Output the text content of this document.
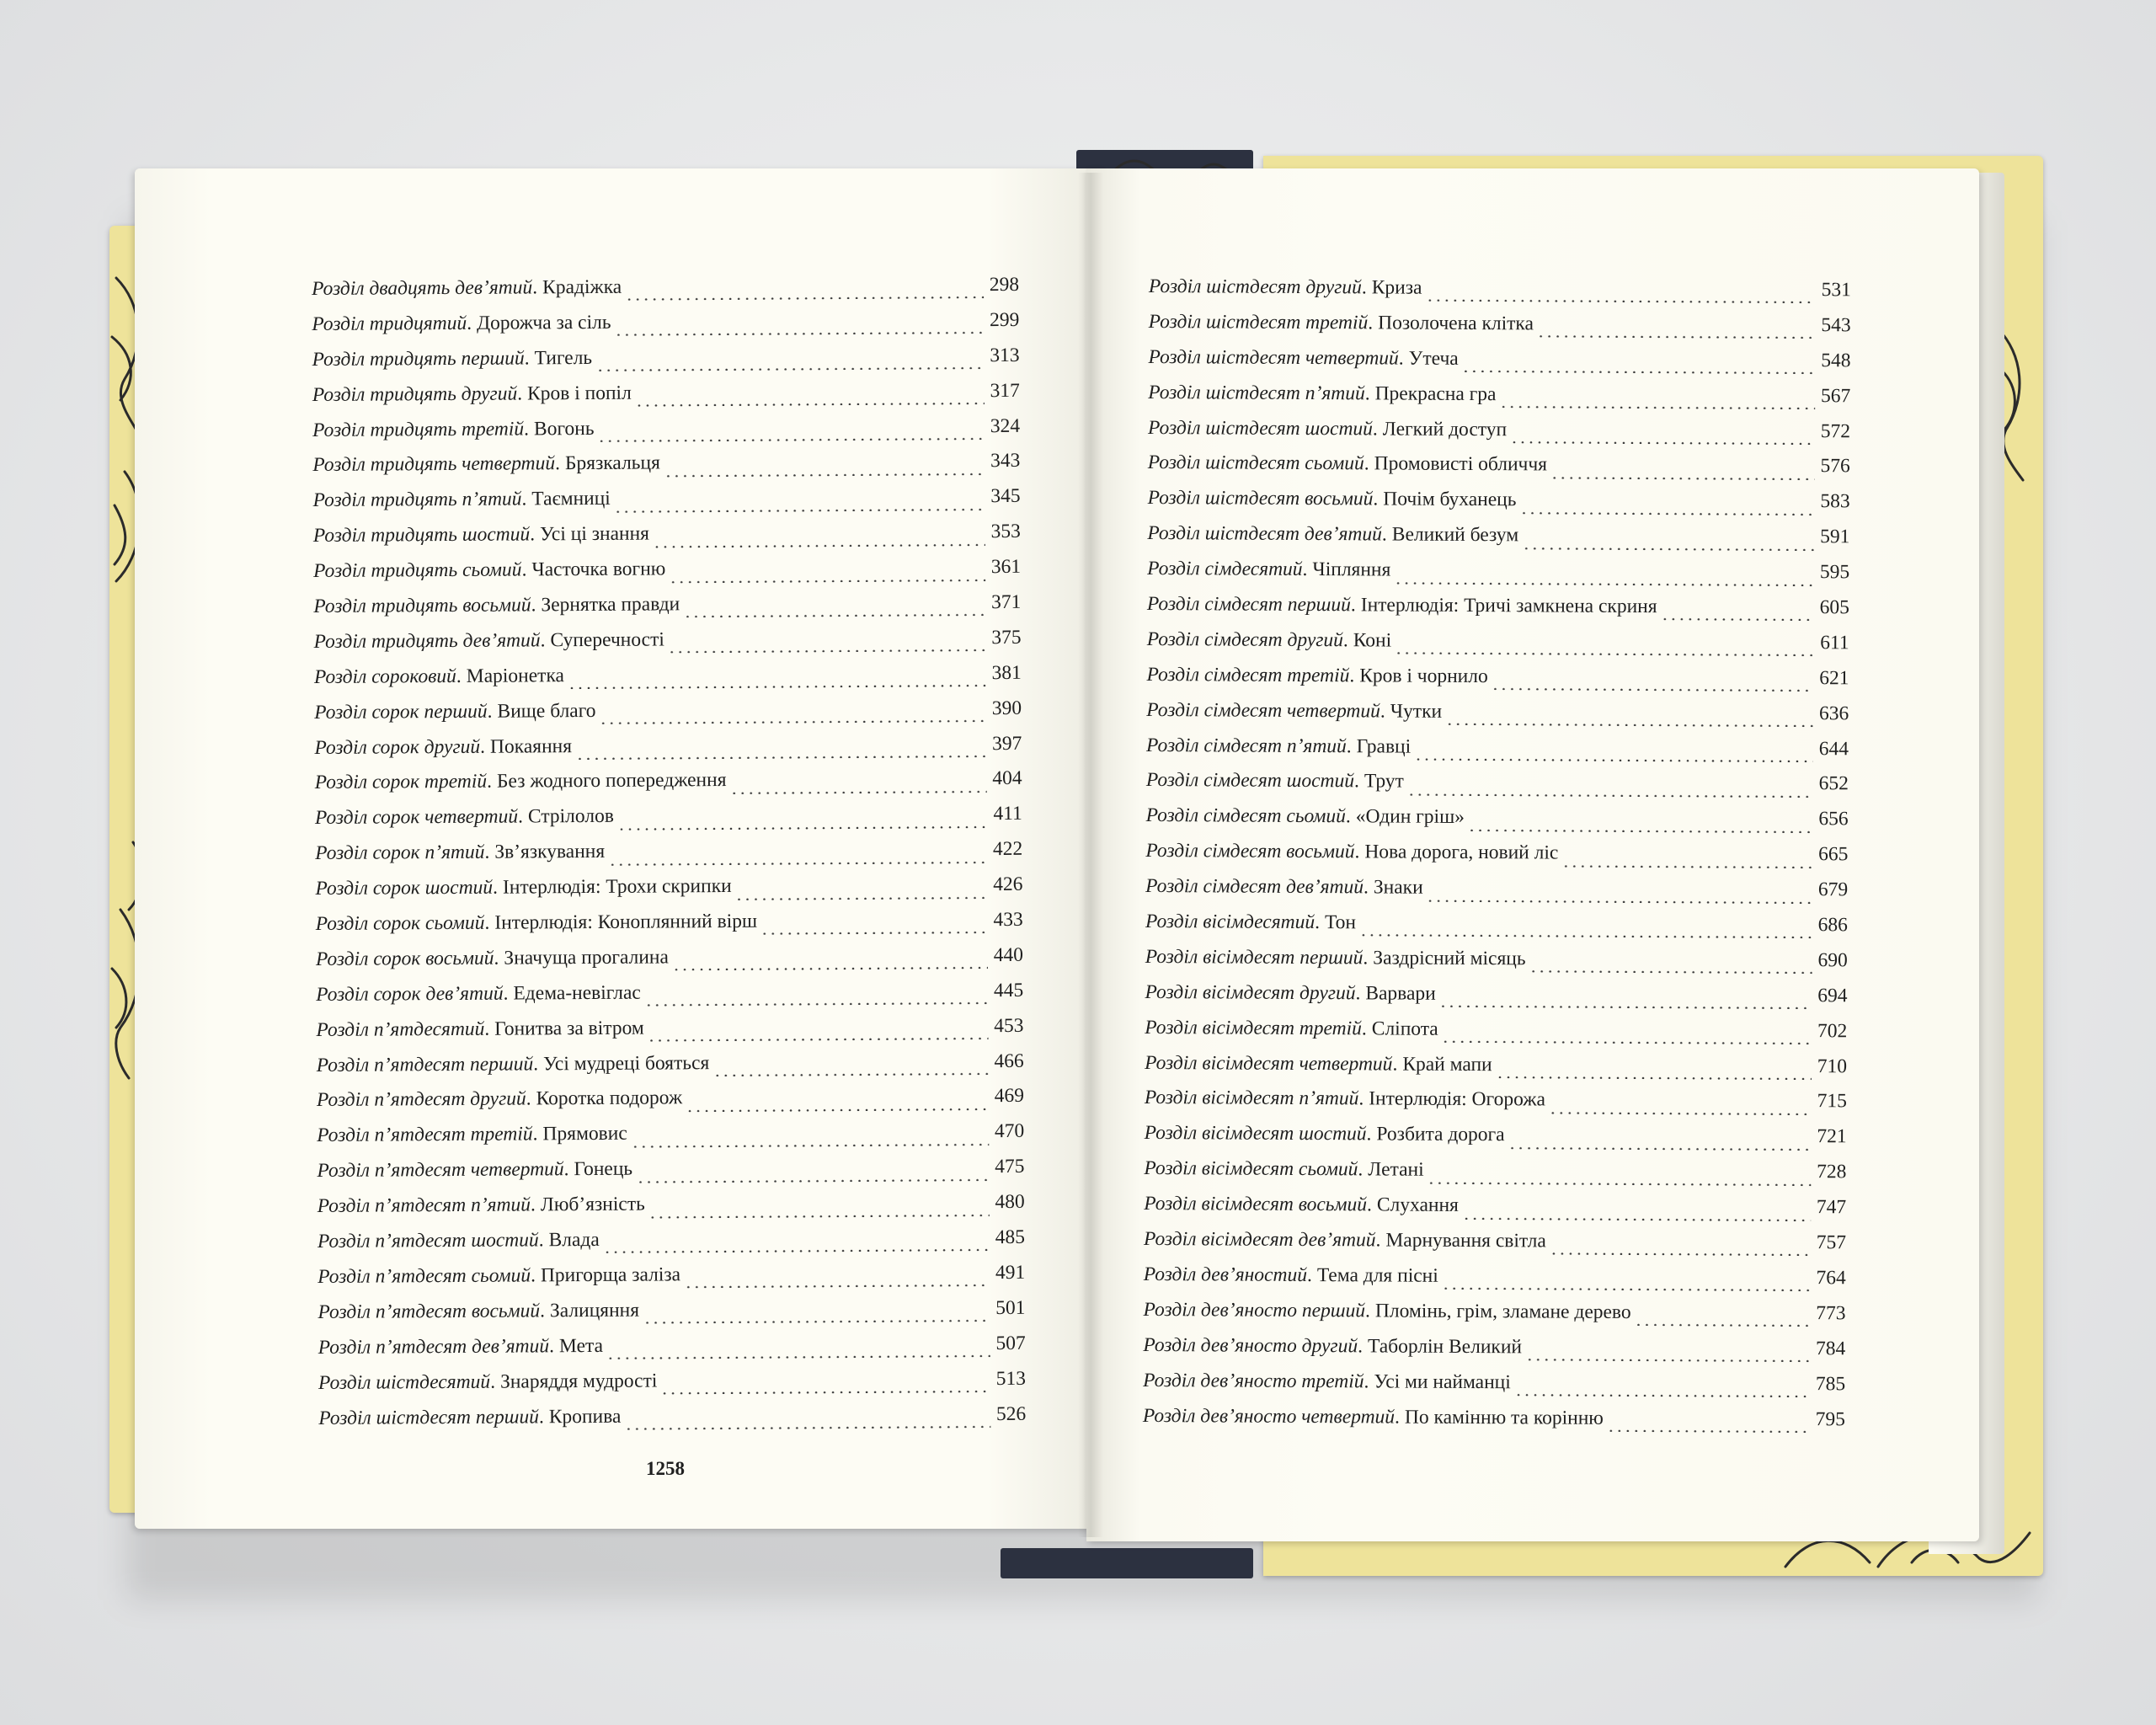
Розділ двадцять дев’ятий . Крадіжка	298
Розділ тридцятий . Дорожча за сіль	299
Розділ тридцять перший . Тигель	313
Розділ тридцять другий . Кров і попіл	317
Розділ тридцять третій . Вогонь	324
Розділ тридцять четвертий . Брязкальця	343
Розділ тридцять п’ятий . Таємниці	345
Розділ тридцять шостий . Усі ці знання	353
Розділ тридцять сьомий . Часточка вогню	361
Розділ тридцять восьмий . Зернятка правди	371
Розділ тридцять дев’ятий . Суперечності	375
Розділ сороковий . Маріонетка	381
Розділ сорок перший . Вище благо	390
Розділ сорок другий . Покаяння	397
Розділ сорок третій . Без жодного попередження	404
Розділ сорок четвертий . Стрілолов	411
Розділ сорок п’ятий . Зв’язкування	422
Розділ сорок шостий . Інтерлюдія: Трохи скрипки	426
Розділ сорок сьомий . Інтерлюдія: Коноплянний вірш	433
Розділ сорок восьмий . Значуща прогалина	440
Розділ сорок дев’ятий . Едема-невіглас	445
Розділ п’ятдесятий . Гонитва за вітром	453
Розділ п’ятдесят перший . Усі мудреці бояться	466
Розділ п’ятдесят другий . Коротка подорож	469
Розділ п’ятдесят третій . Прямовис	470
Розділ п’ятдесят четвертий . Гонець	475
Розділ п’ятдесят п’ятий . Люб’язність	480
Розділ п’ятдесят шостий . Влада	485
Розділ п’ятдесят сьомий . Пригорща заліза	491
Розділ п’ятдесят восьмий . Залицяння	501
Розділ п’ятдесят дев’ятий . Мета	507
Розділ шістдесятий . Знаряддя мудрості	513
Розділ шістдесят перший . Кропива	526
Розділ шістдесят другий . Криза	531
Розділ шістдесят третій . Позолочена клітка	543
Розділ шістдесят четвертий . Утеча	548
Розділ шістдесят п’ятий . Прекрасна гра	567
Розділ шістдесят шостий . Легкий доступ	572
Розділ шістдесят сьомий . Промовисті обличчя	576
Розділ шістдесят восьмий . Почім буханець	583
Розділ шістдесят дев’ятий . Великий безум	591
Розділ сімдесятий . Чіпляння	595
Розділ сімдесят перший . Інтерлюдія: Тричі замкнена скриня	605
Розділ сімдесят другий . Коні	611
Розділ сімдесят третій . Кров і чорнило	621
Розділ сімдесят четвертий . Чутки	636
Розділ сімдесят п’ятий . Гравці	644
Розділ сімдесят шостий . Трут	652
Розділ сімдесят сьомий . «Один гріш»	656
Розділ сімдесят восьмий . Нова дорога, новий ліс	665
Розділ сімдесят дев’ятий . Знаки	679
Розділ вісімдесятий . Тон	686
Розділ вісімдесят перший . Заздрісний місяць	690
Розділ вісімдесят другий . Варвари	694
Розділ вісімдесят третій . Сліпота	702
Розділ вісімдесят четвертий . Край мапи	710
Розділ вісімдесят п’ятий . Інтерлюдія: Огорожа	715
Розділ вісімдесят шостий . Розбита дорога	721
Розділ вісімдесят сьомий . Летані	728
Розділ вісімдесят восьмий . Слухання	747
Розділ вісімдесят дев’ятий . Марнування світла	757
Розділ дев’яностий . Тема для пісні	764
Розділ дев’яносто перший . Пломінь, грім, зламане дерево	773
Розділ дев’яносто другий . Таборлін Великий	784
Розділ дев’яносто третій . Усі ми найманці	785
Розділ дев’яносто четвертий . По камінню та корінню	795
1258
